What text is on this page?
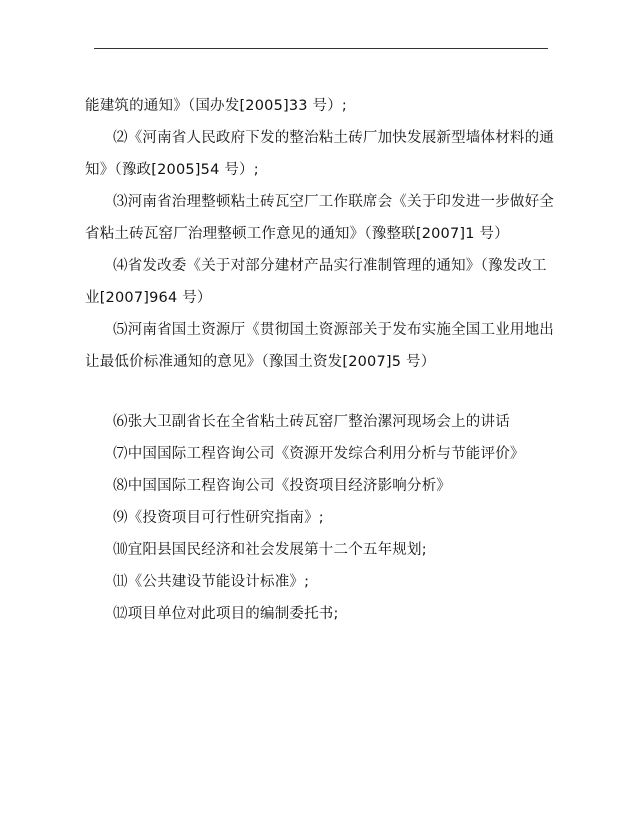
能建筑的通知》（国办发[2005]33 号）;

⑵《河南省人民政府下发的整治粘土砖厂加快发展新型墙体材料的通知》（豫政[2005]54 号）;

⑶河南省治理整顿粘土砖瓦空厂工作联席会《关于印发进一步做好全省粘土砖瓦窑厂治理整顿工作意见的通知》（豫整联[2007]1 号）

⑷省发改委《关于对部分建材产品实行准制管理的通知》（豫发改工业[2007]964 号）

⑸河南省国土资源厅《贯彻国土资源部关于发布实施全国工业用地出让最低价标准通知的意见》（豫国土资发[2007]5 号）

⑹张大卫副省长在全省粘土砖瓦窑厂整治漯河现场会上的讲话

⑺中国国际工程咨询公司《资源开发综合利用分析与节能评价》

⑻中国国际工程咨询公司《投资项目经济影响分析》

⑼《投资项目可行性研究指南》;

⑽宜阳县国民经济和社会发展第十二个五年规划;

⑾《公共建设节能设计标准》;

⑿项目单位对此项目的编制委托书;
